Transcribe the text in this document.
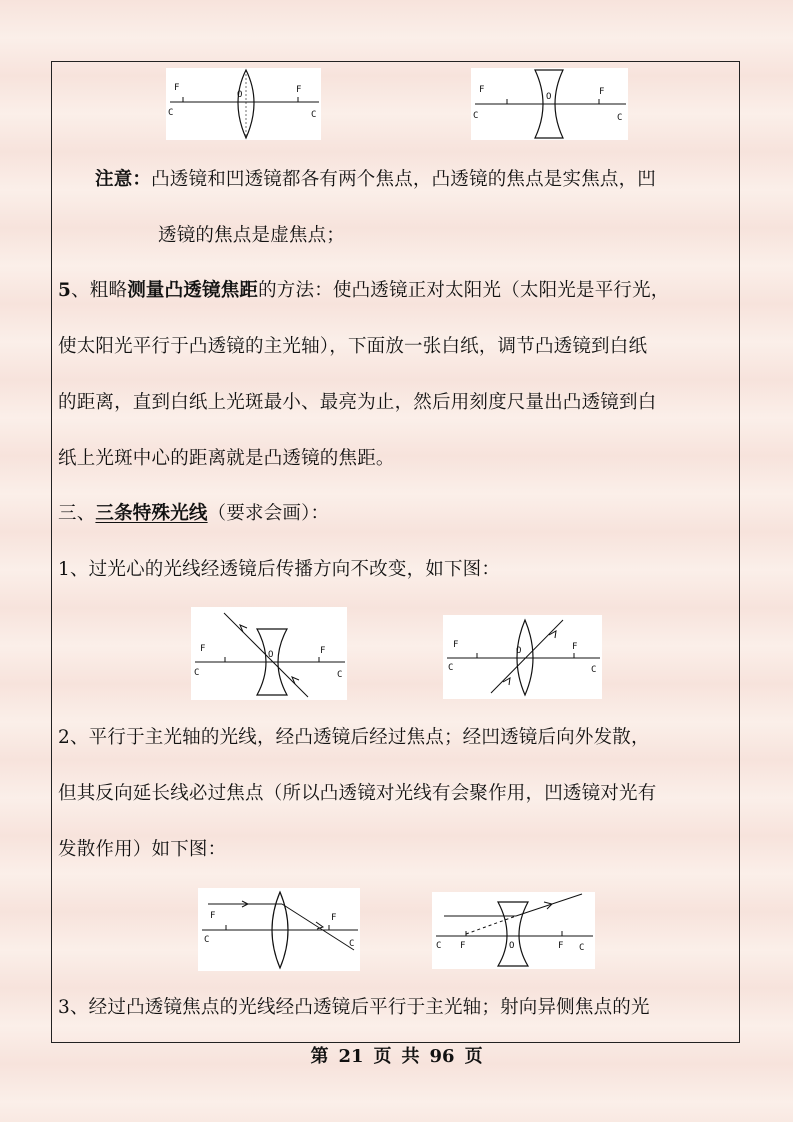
F	F
C	C
O	F	F
C	C
O
注意：凸透镜和凹透镜都各有两个焦点，凸透镜的焦点是实焦点，凹
透镜的焦点是虚焦点；
5、粗略测量凸透镜焦距的方法：使凸透镜正对太阳光（太阳光是平行光，
使太阳光平行于凸透镜的主光轴），下面放一张白纸，调节凸透镜到白纸
的距离，直到白纸上光斑最小、最亮为止，然后用刻度尺量出凸透镜到白
纸上光斑中心的距离就是凸透镜的焦距。
三、三条特殊光线（要求会画）：
1、过光心的光线经透镜后传播方向不改变，如下图：
F	F
C	C
O
F	F
C	C
O
2、平行于主光轴的光线，经凸透镜后经过焦点；经凹透镜后向外发散，
但其反向延长线必过焦点（所以凸透镜对光线有会聚作用，凹透镜对光有
发散作用）如下图：
F	F
C	C	F	F
C	C
O
3、经过凸透镜焦点的光线经凸透镜后平行于主光轴；射向异侧焦点的光
第 21 页 共 96 页
